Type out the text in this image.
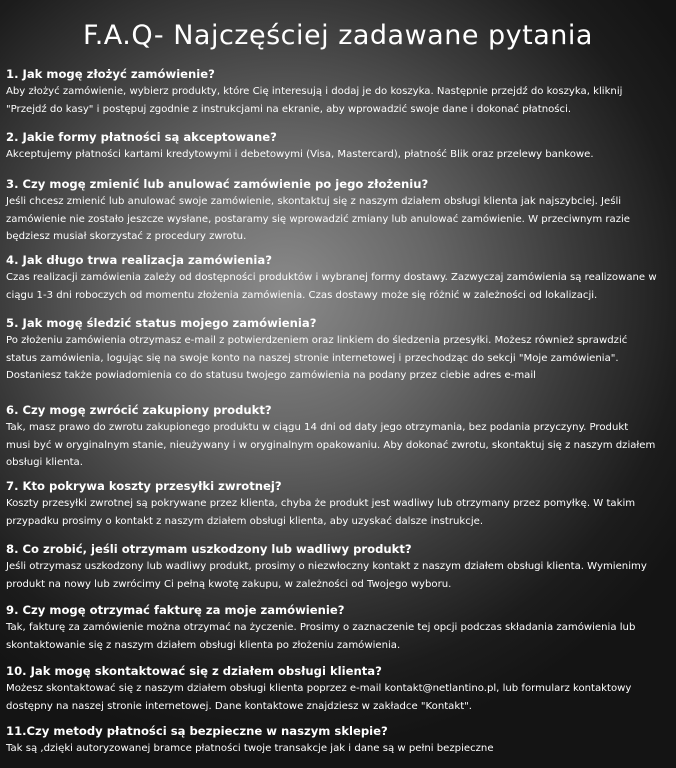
F.A.Q- Najczęściej zadawane pytania

1. Jak mogę złożyć zamówienie?

Aby złożyć zamówienie, wybierz produkty, które Cię interesują i dodaj je do koszyka. Następnie przejdź do koszyka, kliknij
"Przejdź do kasy" i postępuj zgodnie z instrukcjami na ekranie, aby wprowadzić swoje dane i dokonać płatności.

2. Jakie formy płatności są akceptowane?

Akceptujemy płatności kartami kredytowymi i debetowymi (Visa, Mastercard), płatność Blik oraz przelewy bankowe.

3. Czy mogę zmienić lub anulować zamówienie po jego złożeniu?

Jeśli chcesz zmienić lub anulować swoje zamówienie, skontaktuj się z naszym działem obsługi klienta jak najszybciej. Jeśli
zamówienie nie zostało jeszcze wysłane, postaramy się wprowadzić zmiany lub anulować zamówienie. W przeciwnym razie
będziesz musiał skorzystać z procedury zwrotu.

4. Jak długo trwa realizacja zamówienia?

Czas realizacji zamówienia zależy od dostępności produktów i wybranej formy dostawy. Zazwyczaj zamówienia są realizowane w
ciągu 1-3 dni roboczych od momentu złożenia zamówienia. Czas dostawy może się różnić w zależności od lokalizacji.

5. Jak mogę śledzić status mojego zamówienia?

Po złożeniu zamówienia otrzymasz e-mail z potwierdzeniem oraz linkiem do śledzenia przesyłki. Możesz również sprawdzić
status zamówienia, logując się na swoje konto na naszej stronie internetowej i przechodząc do sekcji "Moje zamówienia".
Dostaniesz także powiadomienia co do statusu twojego zamówienia na podany przez ciebie adres e-mail

6. Czy mogę zwrócić zakupiony produkt?

Tak, masz prawo do zwrotu zakupionego produktu w ciągu 14 dni od daty jego otrzymania, bez podania przyczyny. Produkt
musi być w oryginalnym stanie, nieużywany i w oryginalnym opakowaniu. Aby dokonać zwrotu, skontaktuj się z naszym działem
obsługi klienta.

7. Kto pokrywa koszty przesyłki zwrotnej?

Koszty przesyłki zwrotnej są pokrywane przez klienta, chyba że produkt jest wadliwy lub otrzymany przez pomyłkę. W takim
przypadku prosimy o kontakt z naszym działem obsługi klienta, aby uzyskać dalsze instrukcje.

8. Co zrobić, jeśli otrzymam uszkodzony lub wadliwy produkt?

Jeśli otrzymasz uszkodzony lub wadliwy produkt, prosimy o niezwłoczny kontakt z naszym działem obsługi klienta. Wymienimy
produkt na nowy lub zwrócimy Ci pełną kwotę zakupu, w zależności od Twojego wyboru.

9. Czy mogę otrzymać fakturę za moje zamówienie?

Tak, fakturę za zamówienie można otrzymać na życzenie. Prosimy o zaznaczenie tej opcji podczas składania zamówienia lub
skontaktowanie się z naszym działem obsługi klienta po złożeniu zamówienia.

10. Jak mogę skontaktować się z działem obsługi klienta?

Możesz skontaktować się z naszym działem obsługi klienta poprzez e-mail kontakt@netlantino.pl, lub formularz kontaktowy
dostępny na naszej stronie internetowej. Dane kontaktowe znajdziesz w zakładce "Kontakt".

11.Czy metody płatności są bezpieczne w naszym sklepie?

Tak są ,dzięki autoryzowanej bramce płatności twoje transakcje jak i dane są w pełni bezpieczne
